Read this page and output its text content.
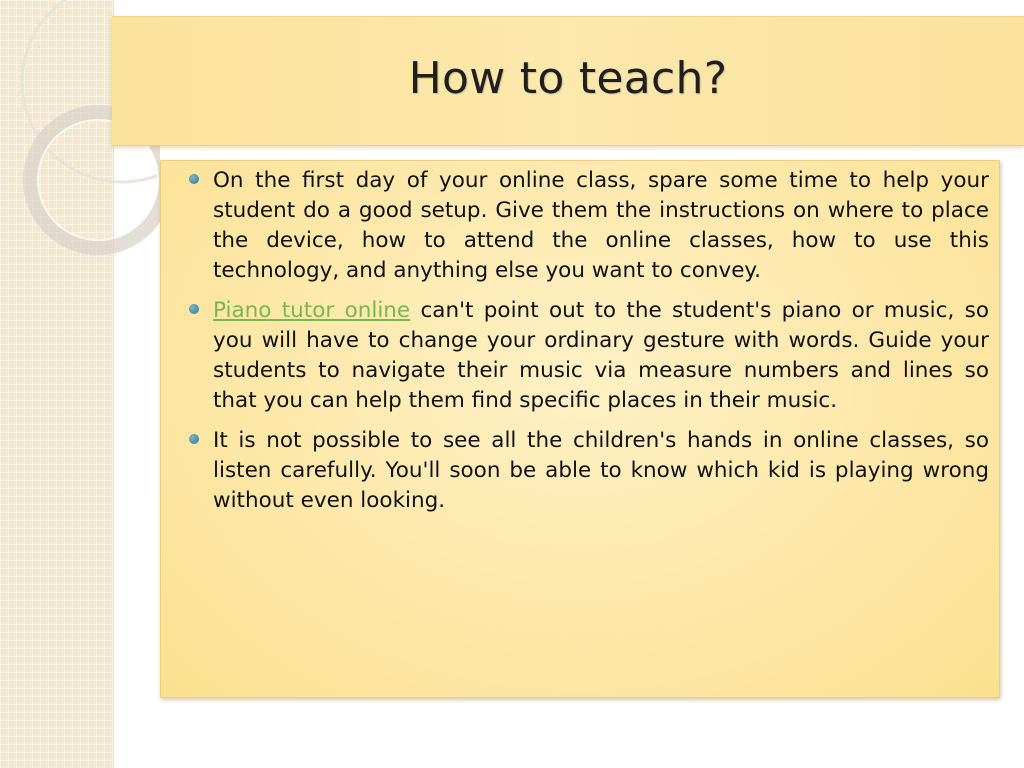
How to teach?
On the first day of your online class, spare some time to help your student do a good setup. Give them the instructions on where to place the device, how to attend the online classes, how to use this technology, and anything else you want to convey.
Piano tutor online can't point out to the student's piano or music, so you will have to change your ordinary gesture with words. Guide your students to navigate their music via measure numbers and lines so that you can help them find specific places in their music.
It is not possible to see all the children's hands in online classes, so listen carefully. You'll soon be able to know which kid is playing wrong without even looking.
